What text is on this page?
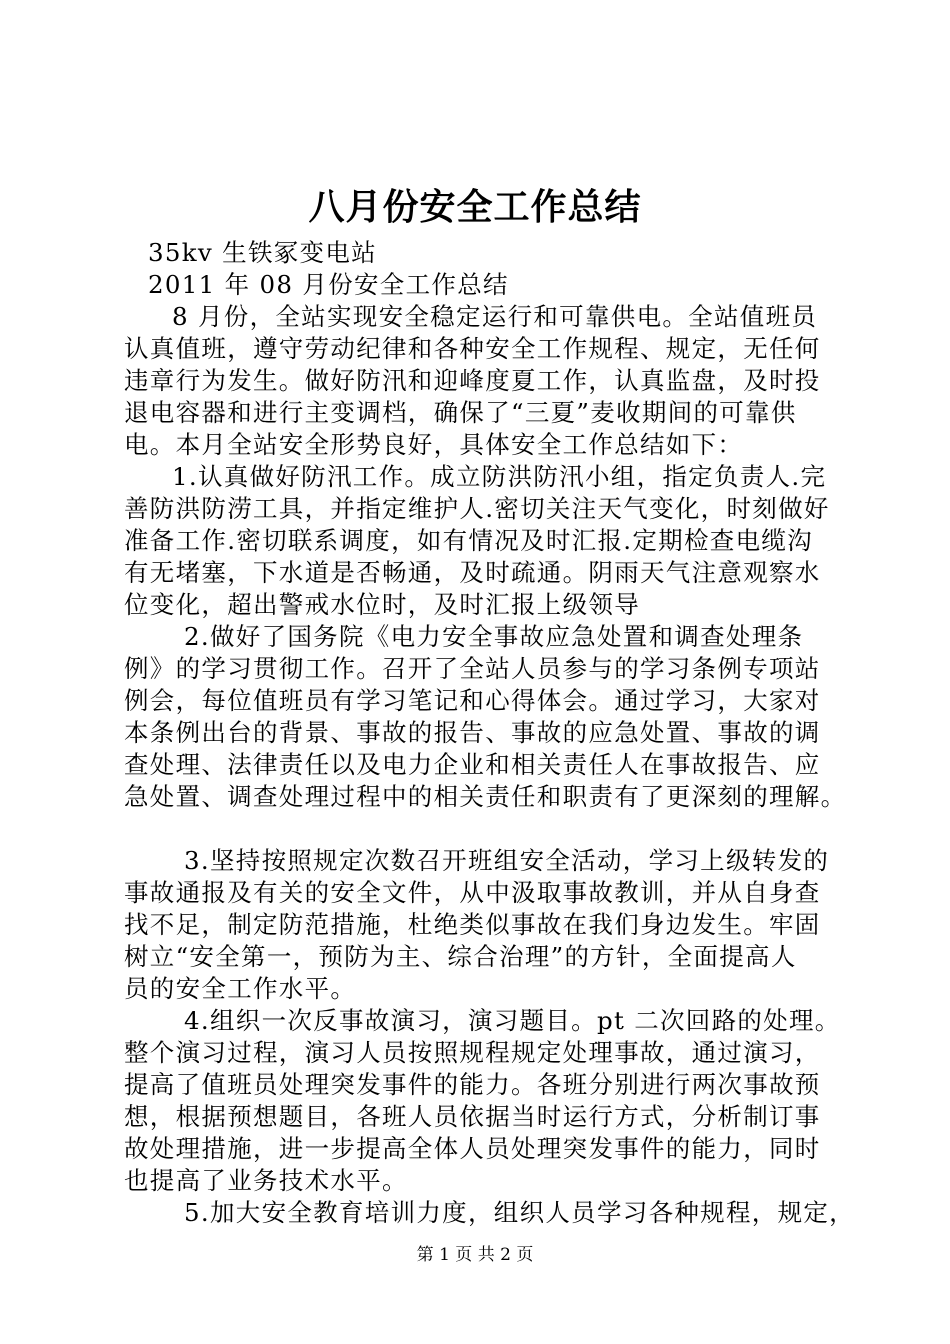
八月份安全工作总结
35kv 生铁冢变电站
2011 年 08 月份安全工作总结
8 月份，全站实现安全稳定运行和可靠供电。全站值班员
认真值班，遵守劳动纪律和各种安全工作规程、规定，无任何
违章行为发生。做好防汛和迎峰度夏工作，认真监盘，及时投
退电容器和进行主变调档，确保了“三夏”麦收期间的可靠供
电。本月全站安全形势良好，具体安全工作总结如下：
1.认真做好防汛工作。成立防洪防汛小组，指定负责人.完
善防洪防涝工具，并指定维护人.密切关注天气变化，时刻做好
准备工作.密切联系调度，如有情况及时汇报.定期检查电缆沟
有无堵塞，下水道是否畅通，及时疏通。阴雨天气注意观察水
位变化，超出警戒水位时，及时汇报上级领导
2.做好了国务院《电力安全事故应急处置和调查处理条
例》的学习贯彻工作。召开了全站人员参与的学习条例专项站
例会，每位值班员有学习笔记和心得体会。通过学习，大家对
本条例出台的背景、事故的报告、事故的应急处置、事故的调
查处理、法律责任以及电力企业和相关责任人在事故报告、应
急处置、调查处理过程中的相关责任和职责有了更深刻的理解。
3.坚持按照规定次数召开班组安全活动，学习上级转发的
事故通报及有关的安全文件，从中汲取事故教训，并从自身查
找不足，制定防范措施，杜绝类似事故在我们身边发生。牢固
树立“安全第一，预防为主、综合治理”的方针，全面提高人
员的安全工作水平。
4.组织一次反事故演习，演习题目。pt 二次回路的处理。
整个演习过程，演习人员按照规程规定处理事故，通过演习，
提高了值班员处理突发事件的能力。各班分别进行两次事故预
想，根据预想题目，各班人员依据当时运行方式，分析制订事
故处理措施，进一步提高全体人员处理突发事件的能力，同时
也提高了业务技术水平。
5.加大安全教育培训力度，组织人员学习各种规程，规定，
第 1 页 共 2 页
